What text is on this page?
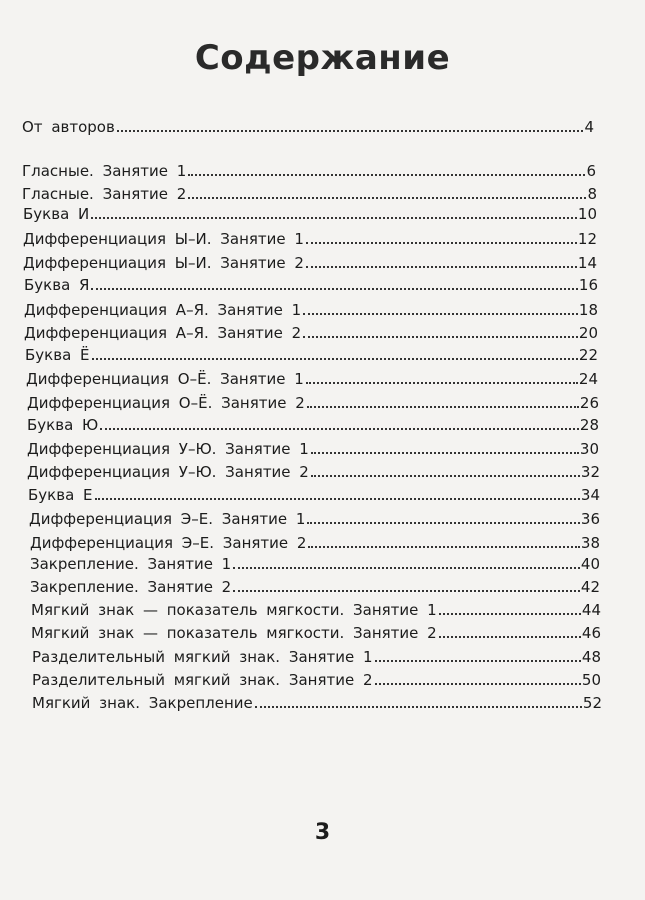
Содержание
От авторов	4
Гласные. Занятие 1	6
Гласные. Занятие 2	8
Буква И	10
Дифференциация Ы–И. Занятие 1	12
Дифференциация Ы–И. Занятие 2	14
Буква Я	16
Дифференциация А–Я. Занятие 1	18
Дифференциация А–Я. Занятие 2	20
Буква Ё	22
Дифференциация О–Ё. Занятие 1	24
Дифференциация О–Ё. Занятие 2	26
Буква Ю	28
Дифференциация У–Ю. Занятие 1	30
Дифференциация У–Ю. Занятие 2	32
Буква Е	34
Дифференциация Э–Е. Занятие 1	36
Дифференциация Э–Е. Занятие 2	38
Закрепление. Занятие 1	40
Закрепление. Занятие 2	42
Мягкий знак — показатель мягкости. Занятие 1	44
Мягкий знак — показатель мягкости. Занятие 2	46
Разделительный мягкий знак. Занятие 1	48
Разделительный мягкий знак. Занятие 2	50
Мягкий знак. Закрепление	52
3
